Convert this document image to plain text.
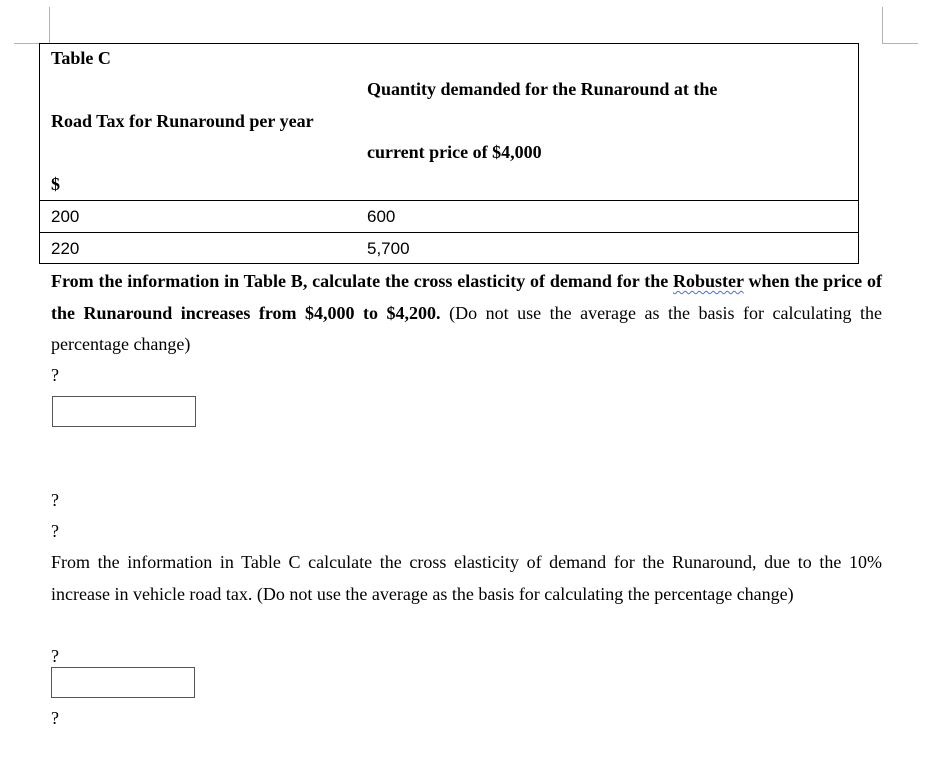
Table C
Quantity demanded for the Runaround at the
Road Tax for Runaround per year
current price of $4,000
$
200	600
220	5,700
From the information in Table B, calculate the cross elasticity of demand for the Robuster when the price of the Runaround increases from $4,000 to $4,200. (Do not use the average as the basis for calculating the percentage change)
?
?
?
From the information in Table C calculate the cross elasticity of demand for the Runaround, due to the 10% increase in vehicle road tax. (Do not use the average as the basis for calculating the percentage change)
?
?
